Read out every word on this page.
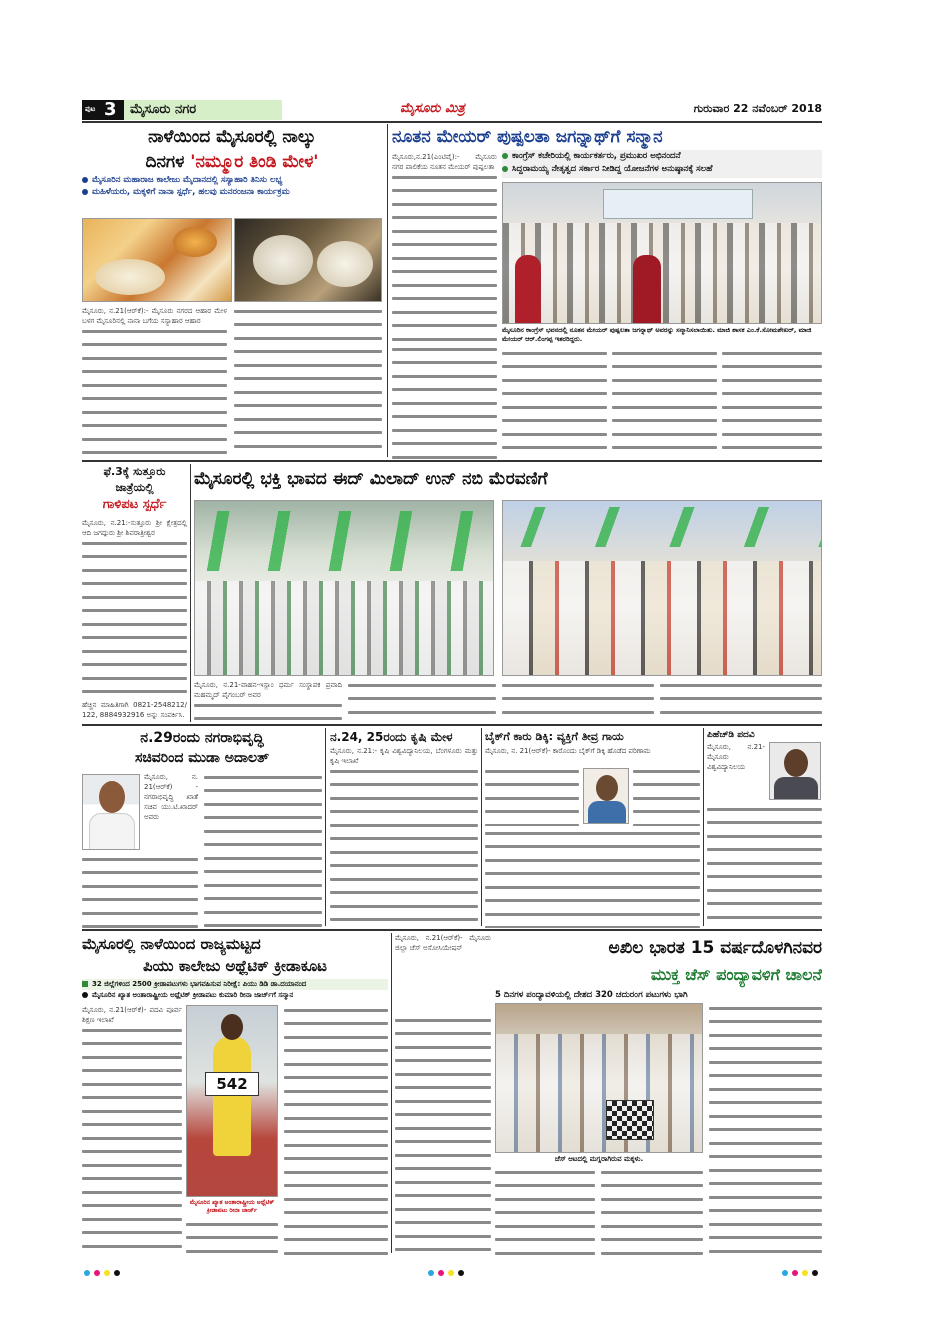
ಪುಟ 3	ಮೈಸೂರು ನಗರ	ಮೈಸೂರು ಮಿತ್ರ	ಗುರುವಾರ 22 ನವೆಂಬರ್ 2018
ನಾಳೆಯಿಂದ ಮೈಸೂರಲ್ಲಿ ನಾಲ್ಕು
ದಿನಗಳ 'ನಮ್ಮೂರ ತಿಂಡಿ ಮೇಳ'
ಮೈಸೂರಿನ ಮಹಾರಾಜ ಕಾಲೇಜು ಮೈದಾನದಲ್ಲಿ ಸಸ್ಯಾಹಾರಿ ತಿನಿಸು ಲಭ್ಯ
ಮಹಿಳೆಯರು, ಮಕ್ಕಳಿಗೆ ನಾನಾ ಸ್ಪರ್ಧೆ, ಹಲವು ಮನರಂಜನಾ ಕಾರ್ಯಕ್ರಮ
ಮೈಸೂರು, ನ.21(ಆರ್‌ಕೆ):- ಮೈಸೂರು ನಗರದ ಆಹಾರ ಮೇಳ ಬಳಗ ಮೈಸೂರಿನಲ್ಲಿ ನಾನಾ ಬಗೆಯ ಸಸ್ಯಾಹಾರ ಆಹಾರ
ನೂತನ ಮೇಯರ್ ಪುಷ್ಪಲತಾ ಜಗನ್ನಾಥ್‌ಗೆ ಸನ್ಮಾನ
ಕಾಂಗ್ರೆಸ್ ಕಚೇರಿಯಲ್ಲಿ ಕಾರ್ಯಕರ್ತರು, ಪ್ರಮುಖರ ಅಭಿನಂದನೆ
ಸಿದ್ದರಾಮಯ್ಯ ನೇತೃತ್ವದ ಸರ್ಕಾರ ನೀಡಿದ್ದ ಯೋಜನೆಗಳ ಅನುಷ್ಠಾನಕ್ಕೆ ಸಲಹೆ
ಮೈಸೂರು,ನ.21(ಎಂಟಿವೈ):- ಮೈಸೂರು ನಗರ ಪಾಲಿಕೆಯ ನೂತನ ಮೇಯರ್ ಪುಷ್ಪಲತಾ
ಮೈಸೂರಿನ ಕಾಂಗ್ರೆಸ್ ಭವನದಲ್ಲಿ ನೂತನ ಮೇಯರ್ ಪುಷ್ಪಲತಾ ಜಗನ್ನಾಥ್ ಅವರನ್ನು ಸನ್ಮಾನಿಸಲಾಯಿತು. ಮಾಜಿ ಶಾಸಕ ಎಂ.ಕೆ.ಸೋಮಶೇಖರ್, ಮಾಜಿ ಮೇಯರ್ ಆರ್.ಲಿಂಗಪ್ಪ ಇತರರಿದ್ದರು.
ಫೆ.3ಕ್ಕೆ ಸುತ್ತೂರು
ಜಾತ್ರೆಯಲ್ಲಿ
ಗಾಳಿಪಟ ಸ್ಪರ್ಧೆ
ಮೈಸೂರು, ನ.21:-ಸುತ್ತೂರು ಶ್ರೀ ಕ್ಷೇತ್ರದಲ್ಲಿ ಆದಿ ಜಗದ್ಗುರು ಶ್ರೀ ಶಿವರಾತ್ರೀಶ್ವರ
ಹೆಚ್ಚಿನ ಮಾಹಿತಿಗಾಗಿ 0821-2548212/ 122, 8884932916 ಅನ್ನು ಸಂಪರ್ಕಿಸಿ.
ಮೈಸೂರಲ್ಲಿ ಭಕ್ತಿ ಭಾವದ ಈದ್ ಮಿಲಾದ್ ಉನ್ ನಬಿ ಮೆರವಣಿಗೆ
ಮೈಸೂರು, ನ.21-ವಾಹನ-ಇಸ್ಲಾಂ ಧರ್ಮ ಸಂಸ್ಥಾಪಕ ಪ್ರವಾದಿ ಮಹಮ್ಮದ್ ಪೈಗಂಬರ್ ಅವರ
ನ.29ರಂದು ನಗರಾಭಿವೃದ್ಧಿ
ಸಚಿವರಿಂದ ಮುಡಾ ಅದಾಲತ್
ಮೈಸೂರು, ನ. 21(ಆರ್‌ಕೆ) - ನಗರಾಭಿವೃದ್ಧಿ ಖಾತೆ ಸಚಿವ ಯು.ಟಿ.ಖಾದರ್ ಅವರು
ನ.24, 25ರಂದು ಕೃಷಿ ಮೇಳ
ಮೈಸೂರು, ನ.21:- ಕೃಷಿ ವಿಶ್ವವಿದ್ಯಾನಿಲಯ, ಬೆಂಗಳೂರು ಮತ್ತು ಕೃಷಿ ಇಲಾಖೆ
ಬೈಕ್‌ಗೆ ಕಾರು ಡಿಕ್ಕಿ: ವ್ಯಕ್ತಿಗೆ ತೀವ್ರ ಗಾಯ
ಮೈಸೂರು, ನ. 21(ಆರ್‌ಕೆ)- ಕಾರೊಂದು ಬೈಕ್‌ಗೆ ಡಿಕ್ಕಿ ಹೊಡೆದ ಪರಿಣಾಮ
ಪಿಹೆಚ್‌ಡಿ ಪದವಿ
ಮೈಸೂರು, ನ.21- ಮೈಸೂರು ವಿಶ್ವವಿದ್ಯಾನಿಲಯ
ಮೈಸೂರಲ್ಲಿ ನಾಳೆಯಿಂದ ರಾಜ್ಯಮಟ್ಟದ
ಪಿಯು ಕಾಲೇಜು ಅಥ್ಲೆಟಿಕ್ ಕ್ರೀಡಾಕೂಟ
32 ಜಿಲ್ಲೆಗಳಿಂದ 2500 ಕ್ರೀಡಾಪಟುಗಳು ಭಾಗವಹಿಸುವ ನಿರೀಕ್ಷೆ: ಪಿಯು ಡಿಡಿ ಡಾ.ದಯಾನಂದ
ಮೈಸೂರಿನ ಖ್ಯಾತ ಅಂತಾರಾಷ್ಟ್ರೀಯ ಅಥ್ಲೆಟಿಕ್ ಕ್ರೀಡಾಪಟು ಕುಮಾರಿ ರೀನಾ ಜಾರ್ಜ್‌ಗೆ ಸನ್ಮಾನ
ಮೈಸೂರು, ನ.21(ಆರ್‌ಕೆ)- ಪದವಿ ಪೂರ್ವ ಶಿಕ್ಷಣ ಇಲಾಖೆ
542
ಮೈಸೂರಿನ ಖ್ಯಾತ ಅಂತಾರಾಷ್ಟ್ರೀಯ ಅಥ್ಲೆಟಿಕ್ ಕ್ರೀಡಾಪಟು ರೀನಾ ಜಾರ್ಜ್
ಮೈಸೂರು, ನ.21(ಆರ್‌ಕೆ)- ಮೈಸೂರು ಜಿಲ್ಲಾ ಚೆಸ್ ಅಸೋಸಿಯೇಷನ್	ಅಖಿಲ ಭಾರತ 15 ವರ್ಷದೊಳಗಿನವರ
ಮುಕ್ತ ಚೆಸ್ ಪಂದ್ಯಾವಳಿಗೆ ಚಾಲನೆ
5 ದಿನಗಳ ಪಂದ್ಯಾವಳಿಯಲ್ಲಿ ದೇಶದ 320 ಚದುರಂಗ ಪಟುಗಳು ಭಾಗಿ
ಚೆಸ್ ಆಟದಲ್ಲಿ ಮಗ್ನರಾಗಿರುವ ಮಕ್ಕಳು.
